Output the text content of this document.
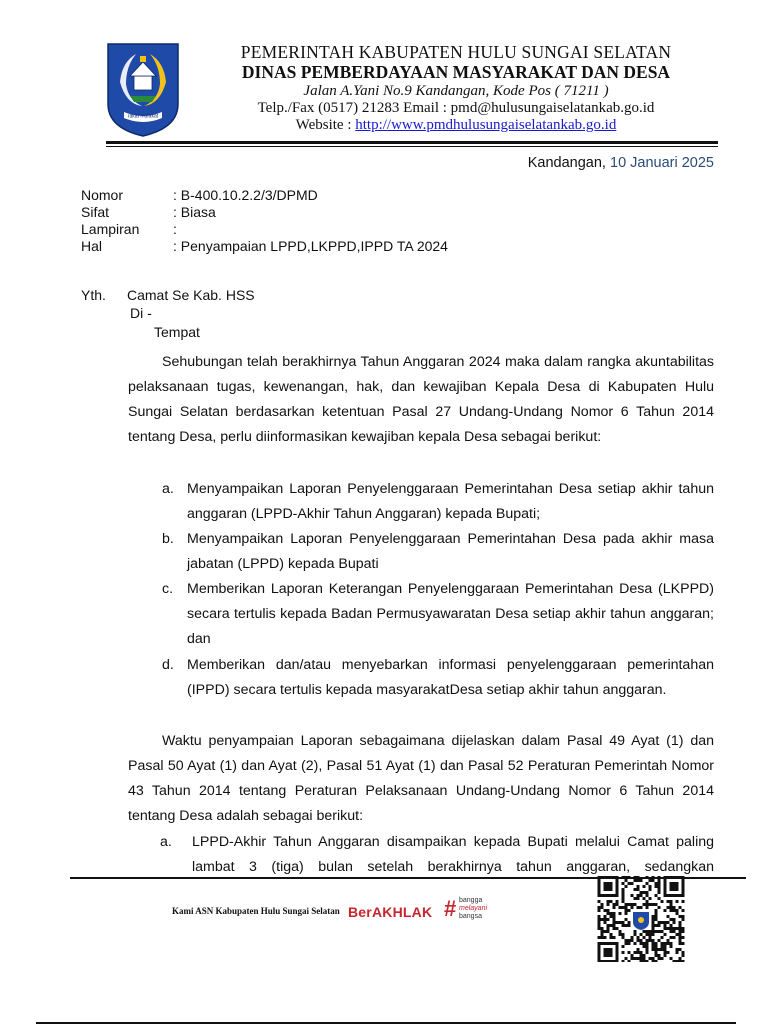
rakat mufakat
PEMERINTAH KABUPATEN HULU SUNGAI SELATAN
DINAS PEMBERDAYAAN MASYARAKAT DAN DESA
Jalan A.Yani No.9 Kandangan, Kode Pos ( 71211 )
Telp./Fax (0517) 21283 Email : pmd@hulusungaiselatankab.go.id
Website : http://www.pmdhulusungaiselatankab.go.id
Kandangan, 10 Januari 2025
Nomor	: B-400.10.2.2/3/DPMD
Sifat	: Biasa
Lampiran :
Hal	: Penyampaian LPPD,LKPPD,IPPD TA 2024
Yth. Camat Se Kab. HSS
Di -
Tempat
Sehubungan telah berakhirnya Tahun Anggaran 2024 maka dalam rangka akuntabilitas pelaksanaan tugas, kewenangan, hak, dan kewajiban Kepala Desa di Kabupaten Hulu Sungai Selatan berdasarkan ketentuan Pasal 27 Undang-Undang Nomor 6 Tahun 2014 tentang Desa, perlu diinformasikan kewajiban kepala Desa sebagai berikut:
a. Menyampaikan Laporan Penyelenggaraan Pemerintahan Desa setiap akhir tahun anggaran (LPPD-Akhir Tahun Anggaran) kepada Bupati;
b. Menyampaikan Laporan Penyelenggaraan Pemerintahan Desa pada akhir masa jabatan (LPPD) kepada Bupati
c. Memberikan Laporan Keterangan Penyelenggaraan Pemerintahan Desa (LKPPD) secara tertulis kepada Badan Permusyawaratan Desa setiap akhir tahun anggaran; dan
d. Memberikan dan/atau menyebarkan informasi penyelenggaraan pemerintahan (IPPD) secara tertulis kepada masyarakatDesa setiap akhir tahun anggaran.
Waktu penyampaian Laporan sebagaimana dijelaskan dalam Pasal 49 Ayat (1) dan Pasal 50 Ayat (1) dan Ayat (2), Pasal 51 Ayat (1) dan Pasal 52 Peraturan Pemerintah Nomor 43 Tahun 2014 tentang Peraturan Pelaksanaan Undang-Undang Nomor 6 Tahun 2014 tentang Desa adalah sebagai berikut:
a. LPPD-Akhir Tahun Anggaran disampaikan kepada Bupati melalui Camat paling lambat 3 (tiga) bulan setelah berakhirnya tahun anggaran, sedangkan
Kami ASN Kabupaten Hulu Sungai Selatan BerAKHLAK # bangga
melayani
bangsa
